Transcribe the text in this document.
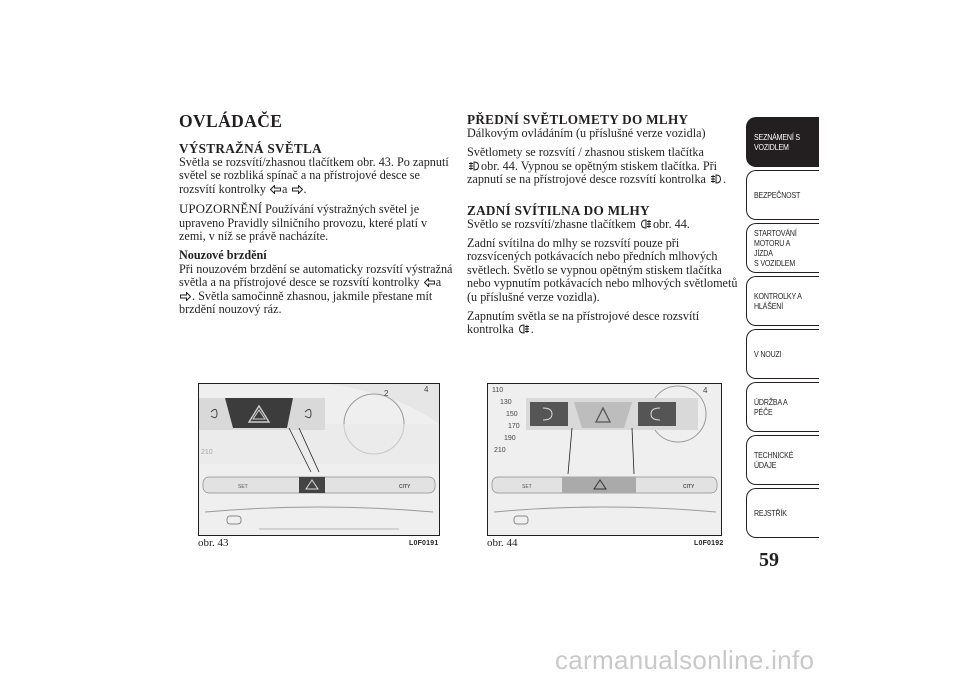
OVLÁDAČE
VÝSTRAŽNÁ SVĚTLA

Světla se rozsvítí/zhasnou tlačítkem obr. 43. Po zapnutí světel se rozbliká spínač a na přístrojové desce se rozsvítí kontrolky a .

UPOZORNĚNÍ Používání výstražných světel je upraveno Pravidly silničního provozu, které platí v zemi, v níž se právě nacházíte.

Nouzové brzdění

Při nouzovém brzdění se automaticky rozsvítí výstražná světla a na přístrojové desce se rozsvítí kontrolky a
. Světla samočinně zhasnou, jakmile přestane mít brzdění nouzový ráz.

PŘEDNÍ SVĚTLOMETY DO MLHY

Dálkovým ovládáním (u příslušné verze vozidla)

Světlomety se rozsvítí / zhasnou stiskem tlačítka

obr. 44. Vypnou se opětným stiskem tlačítka. Při zapnutí se na přístrojové desce rozsvítí kontrolka .

ZADNÍ SVÍTILNA DO MLHY

Světlo se rozsvítí/zhasne tlačítkem obr. 44.

Zadní svítilna do mlhy se rozsvítí pouze při rozsvícených potkávacích nebo předních mlhových světlech. Světlo se vypnou opětným stiskem tlačítka nebo vypnutím potkávacích nebo mlhových světlometů (u příslušné verze vozidla).

Zapnutím světla se na přístrojové desce rozsvítí kontrolka .

2	4
SET	CITY
obr. 43	L0F0191
4
110
130
150
170
190
210
SET	CITY
obr. 44	L0F0192
SEZNÁMENÍ S
VOZIDLEM
BEZPEČNOST
STARTOVÁNÍ
MOTORU A JÍZDA
S VOZIDLEM
KONTROLKY A
HLÁŠENÍ
V NOUZI
ÚDRŽBA A PÉČE
TECHNICKÉ
ÚDAJE
REJSTŘÍK
59
carmanualsonline.info
